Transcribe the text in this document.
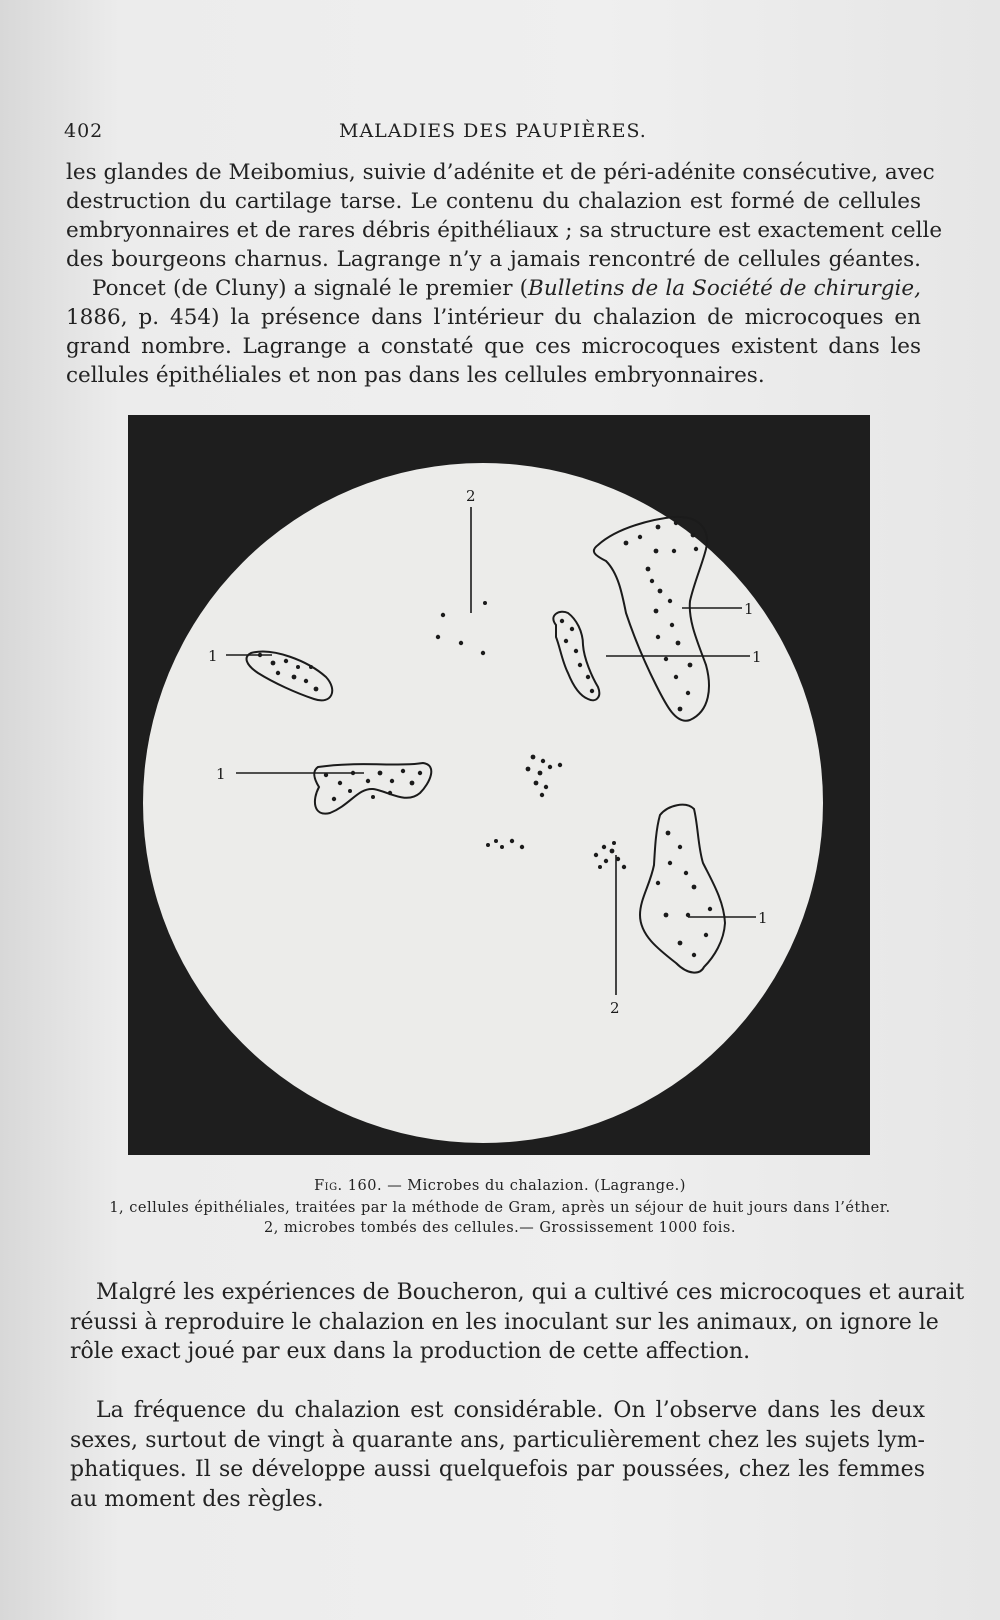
402	MALADIES DES PAUPIÈRES.
les glandes de Meibomius, suivie d’adénite et de péri-adénite consécutive, avec
destruction du cartilage tarse. Le contenu du chalazion est formé de cellules
embryonnaires et de rares débris épithéliaux ; sa structure est exactement celle
des bourgeons charnus. Lagrange n’y a jamais rencontré de cellules géantes.
Poncet (de Cluny) a signalé le premier (Bulletins de la Société de chirurgie,
1886, p. 454) la présence dans l’intérieur du chalazion de microcoques en
grand nombre. Lagrange a constaté que ces microcoques existent dans les
cellules épithéliales et non pas dans les cellules embryonnaires.
1
1
1
1
1
2
2
Fig. 160. — Microbes du chalazion. (Lagrange.)
1, cellules épithéliales, traitées par la méthode de Gram, après un séjour de huit jours dans l’éther.
2, microbes tombés des cellules.— Grossissement 1000 fois.
Malgré les expériences de Boucheron, qui a cultivé ces microcoques et aurait
réussi à reproduire le chalazion en les inoculant sur les animaux, on ignore le
rôle exact joué par eux dans la production de cette affection.
La fréquence du chalazion est considérable. On l’observe dans les deux
sexes, surtout de vingt à quarante ans, particulièrement chez les sujets lym-
phatiques. Il se développe aussi quelquefois par poussées, chez les femmes
au moment des règles.
